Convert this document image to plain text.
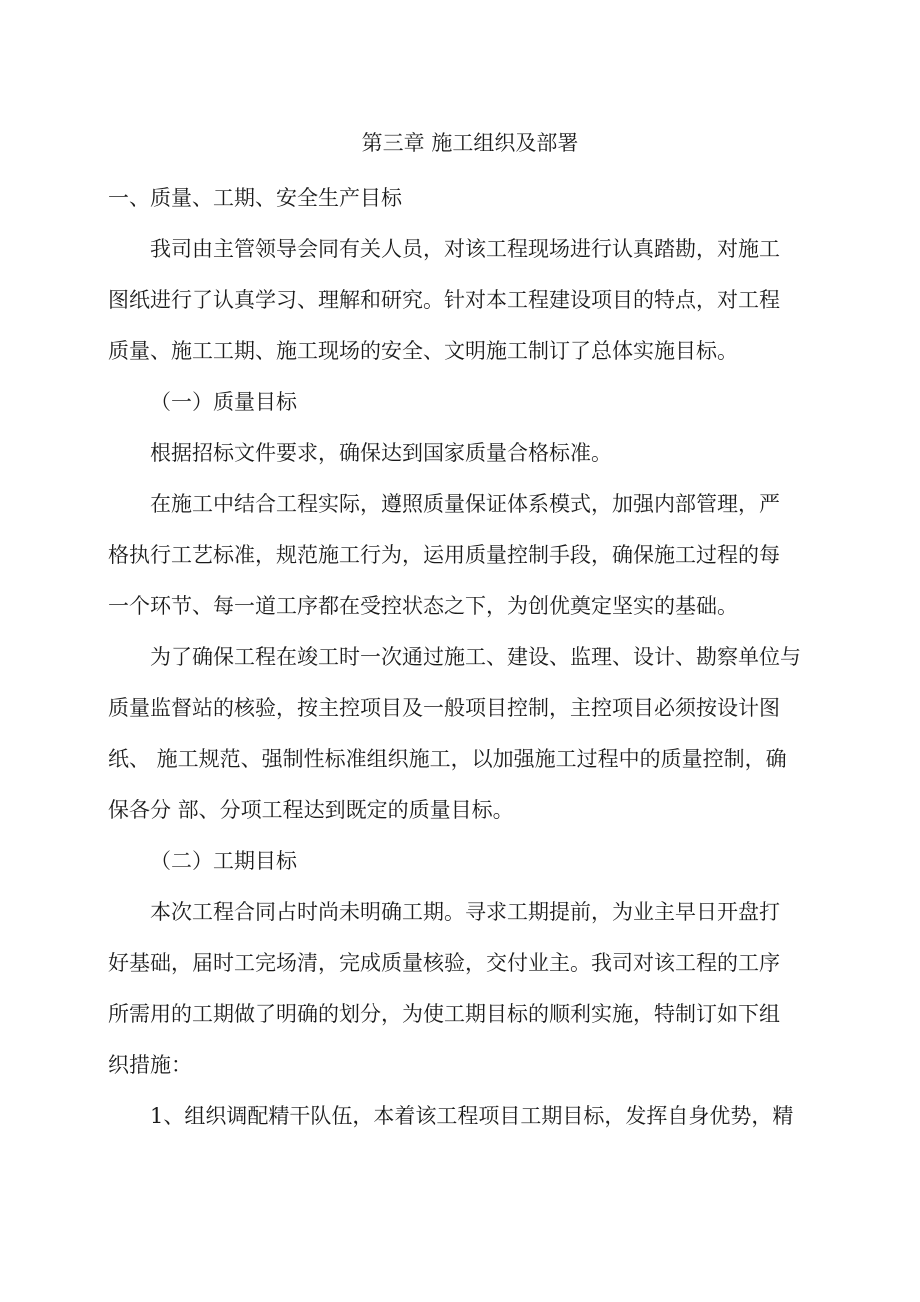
第三章 施工组织及部署
一、质量、工期、安全生产目标
我司由主管领导会同有关人员，对该工程现场进行认真踏勘，对施工
图纸进行了认真学习、理解和研究。针对本工程建设项目的特点，对工程
质量、施工工期、施工现场的安全、文明施工制订了总体实施目标。
（一）质量目标
根据招标文件要求，确保达到国家质量合格标准。
在施工中结合工程实际，遵照质量保证体系模式，加强内部管理，严
格执行工艺标准，规范施工行为，运用质量控制手段，确保施工过程的每
一个环节、每一道工序都在受控状态之下，为创优奠定坚实的基础。
为了确保工程在竣工时一次通过施工、建设、监理、设计、勘察单位与
质量监督站的核验，按主控项目及一般项目控制，主控项目必须按设计图
纸、 施工规范、强制性标准组织施工，以加强施工过程中的质量控制，确
保各分 部、分项工程达到既定的质量目标。
（二）工期目标
本次工程合同占时尚未明确工期。寻求工期提前，为业主早日开盘打
好基础，届时工完场清，完成质量核验，交付业主。我司对该工程的工序
所需用的工期做了明确的划分，为使工期目标的顺利实施，特制订如下组
织措施：
1、组织调配精干队伍，本着该工程项目工期目标，发挥自身优势，精
